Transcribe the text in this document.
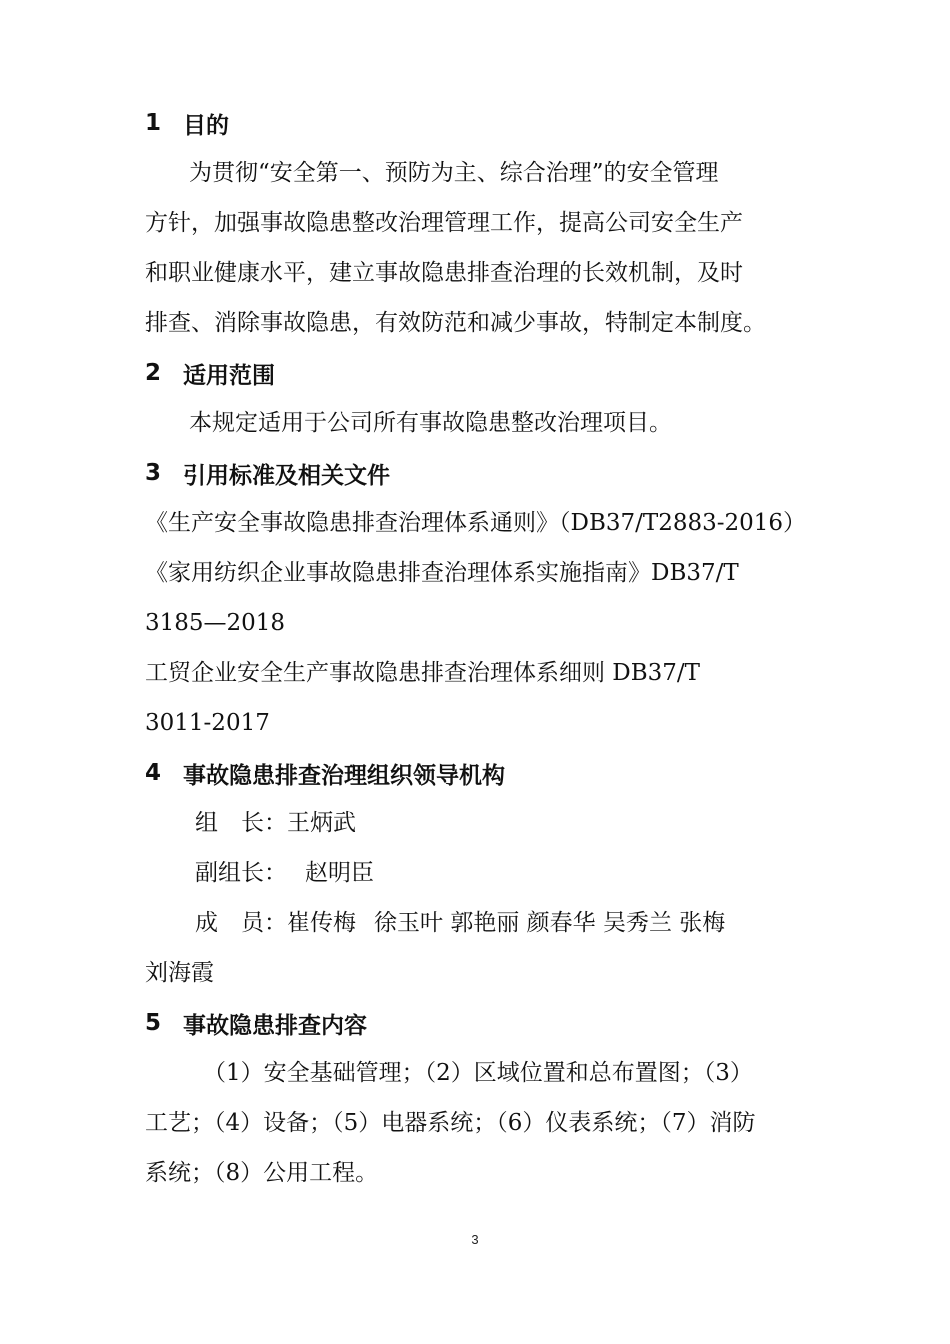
1 目的
为贯彻“安全第一、预防为主、综合治理”的安全管理
方针，加强事故隐患整改治理管理工作，提高公司安全生产
和职业健康水平，建立事故隐患排查治理的长效机制，及时
排查、消除事故隐患，有效防范和减少事故，特制定本制度。
2 适用范围
本规定适用于公司所有事故隐患整改治理项目。
3 引用标准及相关文件
《生产安全事故隐患排查治理体系通则》（DB37/T2883-2016）
《家用纺织企业事故隐患排查治理体系实施指南》DB37/T
3185—2018
工贸企业安全生产事故隐患排查治理体系细则 DB37/T
3011-2017
4 事故隐患排查治理组织领导机构
组　长：王炳武
副组长： 赵明臣
成　员：崔传梅 徐玉叶 郭艳丽 颜春华 吴秀兰 张梅
刘海霞
5 事故隐患排查内容
（1）安全基础管理；（2）区域位置和总布置图；（3）
工艺；（4）设备；（5）电器系统；（6）仪表系统；（7）消防
系统；（8）公用工程。
3
